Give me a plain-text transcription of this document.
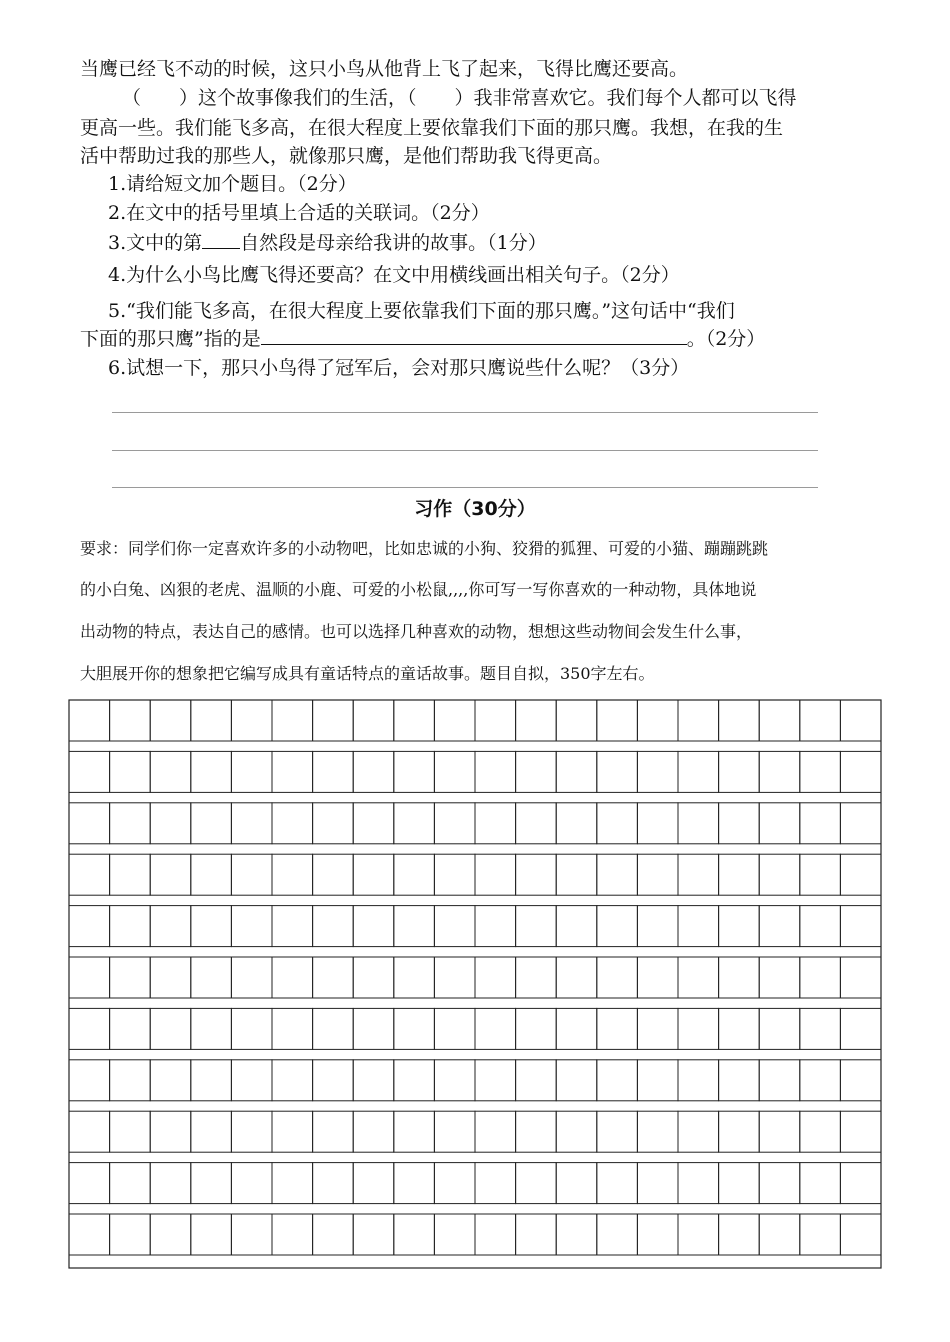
当鹰已经飞不动的时候，这只小鸟从他背上飞了起来，飞得比鹰还要高。
（　　）这个故事像我们的生活，（　　）我非常喜欢它。我们每个人都可以飞得
更高一些。我们能飞多高，在很大程度上要依靠我们下面的那只鹰。我想，在我的生
活中帮助过我的那些人，就像那只鹰，是他们帮助我飞得更高。
1.请给短文加个题目。（2分）
2.在文中的括号里填上合适的关联词。（2分）
3.文中的第 自然段是母亲给我讲的故事。（1分）
4.为什么小鸟比鹰飞得还要高？在文中用横线画出相关句子。（2分）
5.“我们能飞多高，在很大程度上要依靠我们下面的那只鹰。”这句话中“我们
下面的那只鹰”指的是	。（2分）
6.试想一下，那只小鸟得了冠军后，会对那只鹰说些什么呢？（3分）
习作（30分）
要求：同学们你一定喜欢许多的小动物吧，比如忠诚的小狗、狡猾的狐狸、可爱的小猫、蹦蹦跳跳
的小白兔、凶狠的老虎、温顺的小鹿、可爱的小松鼠,,,,你可写一写你喜欢的一种动物，具体地说
出动物的特点，表达自己的感情。也可以选择几种喜欢的动物，想想这些动物间会发生什么事，
大胆展开你的想象把它编写成具有童话特点的童话故事。题目自拟，350字左右。
